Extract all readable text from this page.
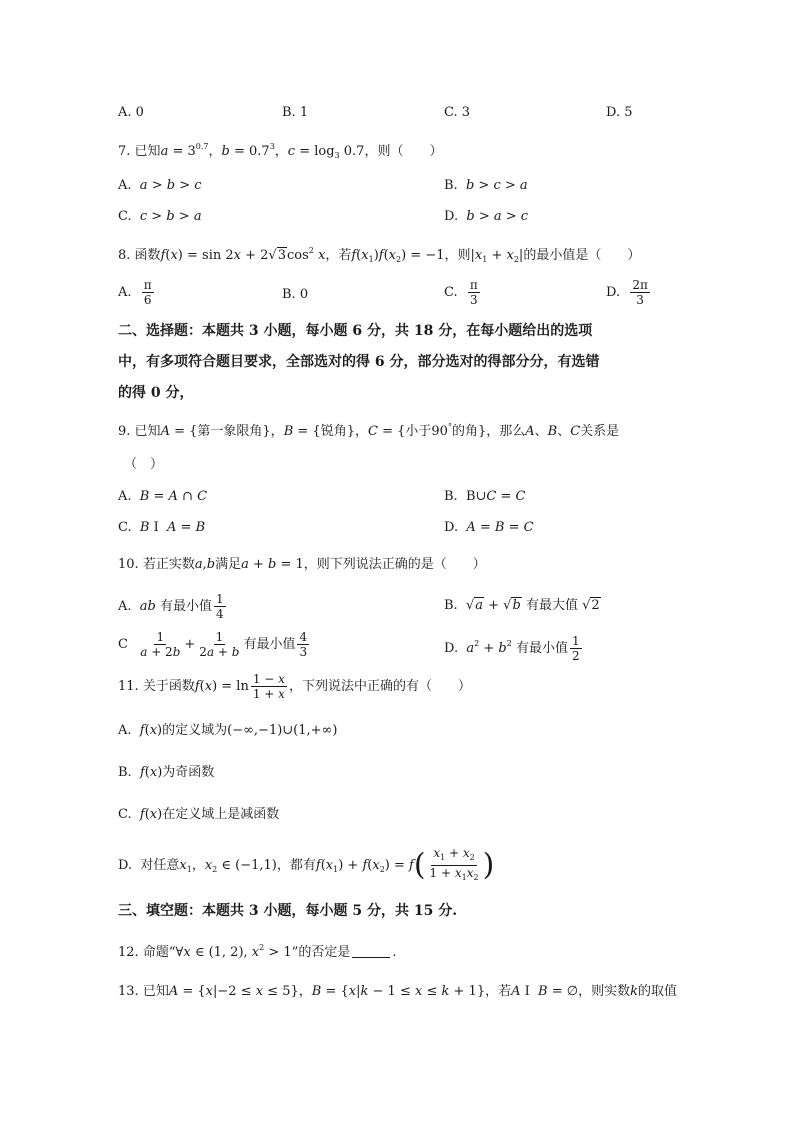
A. 0	B. 1	C. 3	D. 5
7. 已知$a = 3^{0.7}$，$b = 0.7^3$，$c = \log_3 0.7$，则（　　）
A. a > b > c	B. b > c > a
C. c > b > a	D. b > a > c
8. 函数$f(x) = \sin 2x + 2√3\cos^2$ x，若$f(x_1)f(x_2) = -1$，则$|x_1 + x_2|$的最小值是（　　）
A. $\frac{\pi}{6}$	B. 0	C. $\frac{\pi}{3}$	D. $\frac{2\pi}{3}$
二、选择题：本题共 3 小题，每小题 6 分，共 18 分，在每小题给出的选项
中，有多项符合题目要求，全部选对的得 6 分，部分选对的得部分分，有选错
的得 0 分，
9. 已知A = {第一象限角}，B = {锐角}，C = {小于90°的角}，那么A、B、C关系是
（　）
A. B = A ∩ C	B.  B∪C = C
C. B I  A = B	D. A = B = C
10. 若正实数a,b满足a + b = 1，则下列说法正确的是（　　）
A. ab 有最小值 $\frac{1}{4}$	B.  √a + √b 有最大值 √2
C $\frac{1}{a + 2b} + \frac{1}{2a + b}$ 有最小值 $\frac{4}{3}$	D. $a^2 + b^2$ 有最小值 $\frac{1}{2}$
11. 关于函数$f(x) = \ln \frac{1 - x}{1 + x}$ ，下列说法中正确的有（　　）
A. f(x)的定义域为(−∞,−1)∪(1,+∞)
B. f(x)为奇函数
C. f(x)在定义域上是减函数
D. 对任意$x_1$，$x_2$ ∈ (−1,1)，都有$f(x_1) + f(x_2) = f( \frac{x_1 + x_2}{1 + x_1x_2}$ )
三、填空题：本题共 3 小题，每小题 5 分，共 15 分.
12. 命题“∀x ∈ (1, 2), $x^2 > 1$”的否定是	.
13. 已知A = {x|−2 ≤ x ≤ 5}，B = {x|k − 1 ≤ x ≤ k + 1}，若A I  B = ∅，则实数k的取值
